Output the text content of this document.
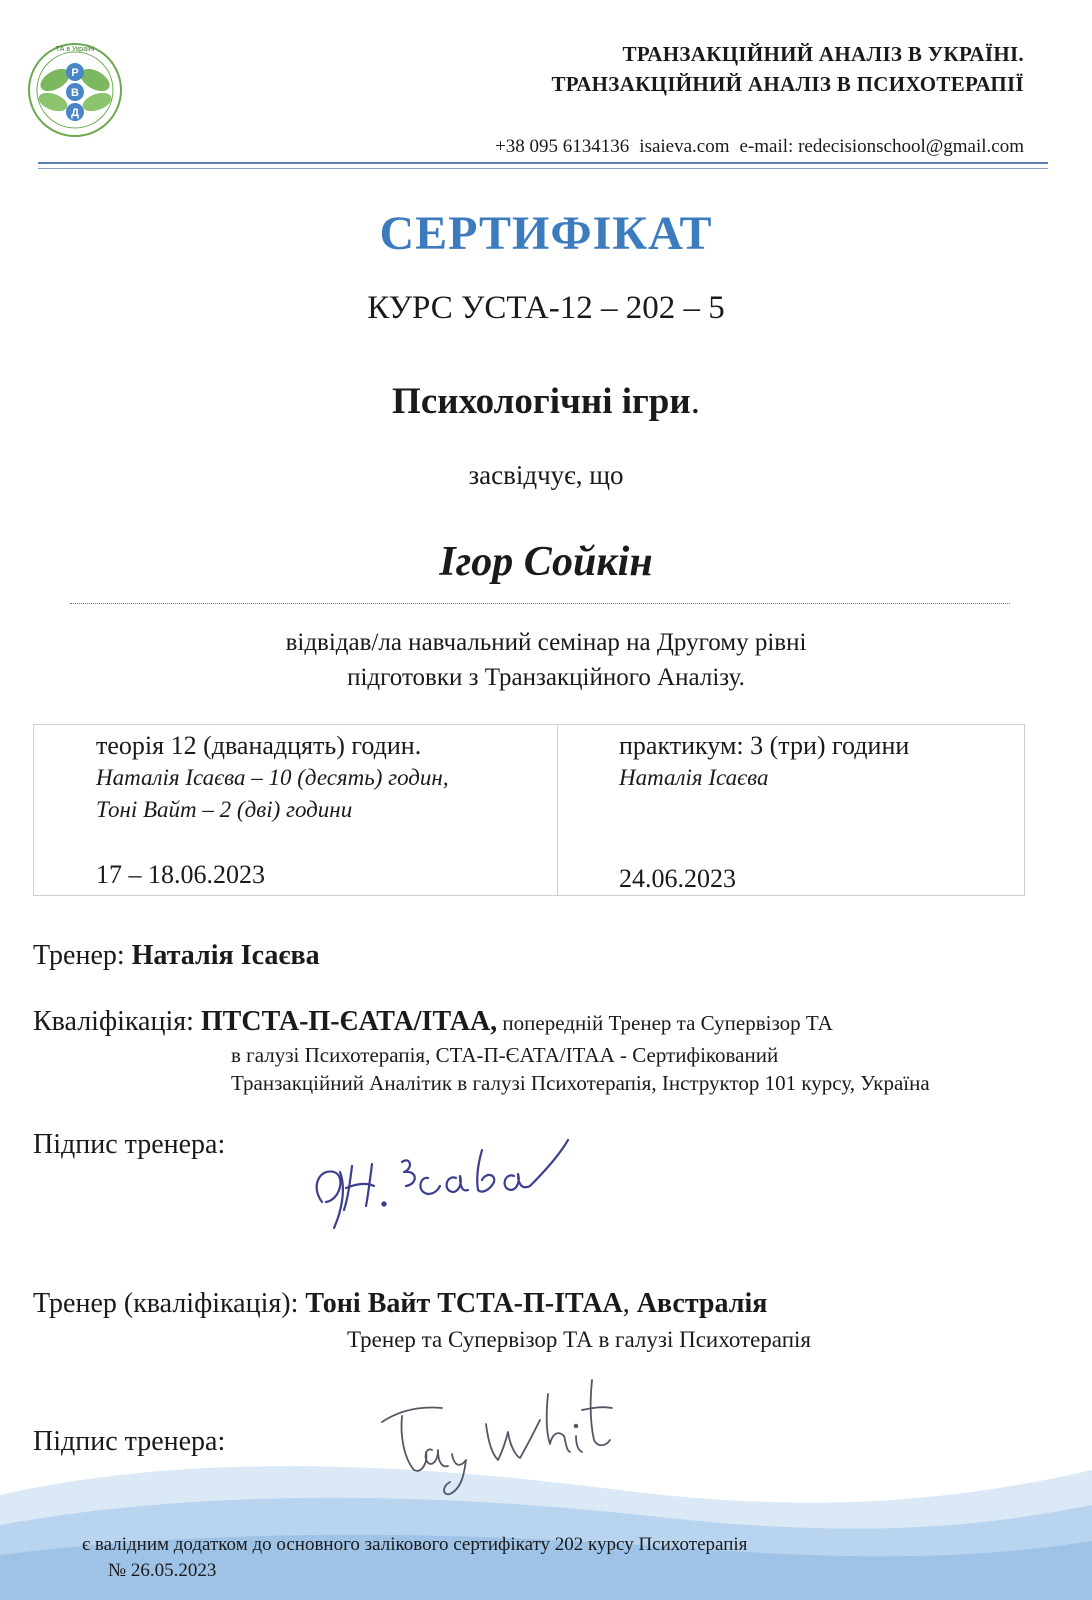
Р
В
Д
ТА в Україні	ТРАНЗАКЦІЙНИЙ АНАЛІЗ В УКРАЇНІ.
ТРАНЗАКЦІЙНИЙ АНАЛІЗ В ПСИХОТЕРАПІЇ
+38 095 6134136 isaieva.com e-mail: redecisionschool@gmail.com
СЕРТИФІКАТ
КУРС УСТА-12 – 202 – 5
Психологічні ігри.
засвідчує, що
Ігор Сойкін
відвідав/ла навчальний семінар на Другому рівні
підготовки з Транзакційного Аналізу.
теорія 12 (дванадцять) годин.
Наталія Ісаєва – 10 (десять) годин,
Тоні Вайт – 2 (дві) години
17 – 18.06.2023
практикум: 3 (три) години
Наталія Ісаєва
24.06.2023
Тренер: Наталія Ісаєва
Кваліфікація: ПТСТА-П-ЄАТА/ІТАА, попередній Тренер та Супервізор ТА
в галузі Психотерапія, СТА-П-ЄАТА/ІТАА - Сертифікований
Транзакційний Аналітик в галузі Психотерапія, Інструктор 101 курсу, Україна
Підпис тренера:
Тренер (кваліфікація): Тоні Вайт ТСТА-П-ІТАА, Австралія
Тренер та Супервізор ТА в галузі Психотерапія
Підпис тренера:
є валідним додатком до основного залікового сертифікату 202 курсу Психотерапія
№ 26.05.2023
